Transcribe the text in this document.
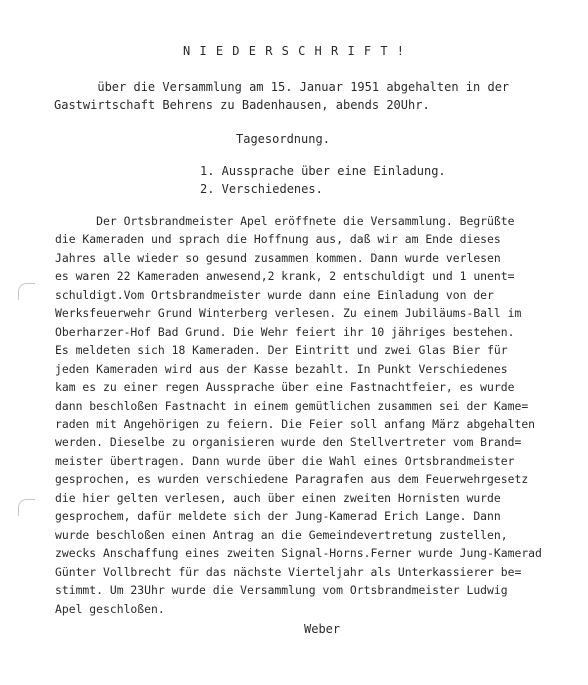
N I E D E R S C H R I F T !
über die Versammlung am 15. Januar 1951 abgehalten in der
Gastwirtschaft Behrens zu Badenhausen, abends 20Uhr.
Tagesordnung.
1. Aussprache über eine Einladung.
2. Verschiedenes.
Der Ortsbrandmeister Apel eröffnete die Versammlung. Begrüßte
die Kameraden und sprach die Hoffnung aus, daß wir am Ende dieses
Jahres alle wieder so gesund zusammen kommen. Dann wurde verlesen
es waren 22 Kameraden anwesend,2 krank, 2 entschuldigt und 1 unent=
schuldigt.Vom Ortsbrandmeister wurde dann eine Einladung von der
Werksfeuerwehr Grund Winterberg verlesen. Zu einem Jubiläums-Ball im
Oberharzer-Hof Bad Grund. Die Wehr feiert ihr 10 jähriges bestehen.
Es meldeten sich 18 Kameraden. Der Eintritt und zwei Glas Bier für
jeden Kameraden wird aus der Kasse bezahlt. In Punkt Verschiedenes
kam es zu einer regen Aussprache über eine Fastnachtfeier, es wurde
dann beschloßen Fastnacht in einem gemütlichen zusammen sei der Kame=
raden mit Angehörigen zu feiern. Die Feier soll anfang März abgehalten
werden. Dieselbe zu organisieren wurde den Stellvertreter vom Brand=
meister übertragen. Dann wurde über die Wahl eines Ortsbrandmeister
gesprochen, es wurden verschiedene Paragrafen aus dem Feuerwehrgesetz
die hier gelten verlesen, auch über einen zweiten Hornisten wurde
gesprochem, dafür meldete sich der Jung-Kamerad Erich Lange. Dann
wurde beschloßen einen Antrag an die Gemeindevertretung zustellen,
zwecks Anschaffung eines zweiten Signal-Horns.Ferner wurde Jung-Kamerad
Günter Vollbrecht für das nächste Vierteljahr als Unterkassierer be=
stimmt. Um 23Uhr wurde die Versammlung vom Ortsbrandmeister Ludwig
Apel geschloßen.
Weber
